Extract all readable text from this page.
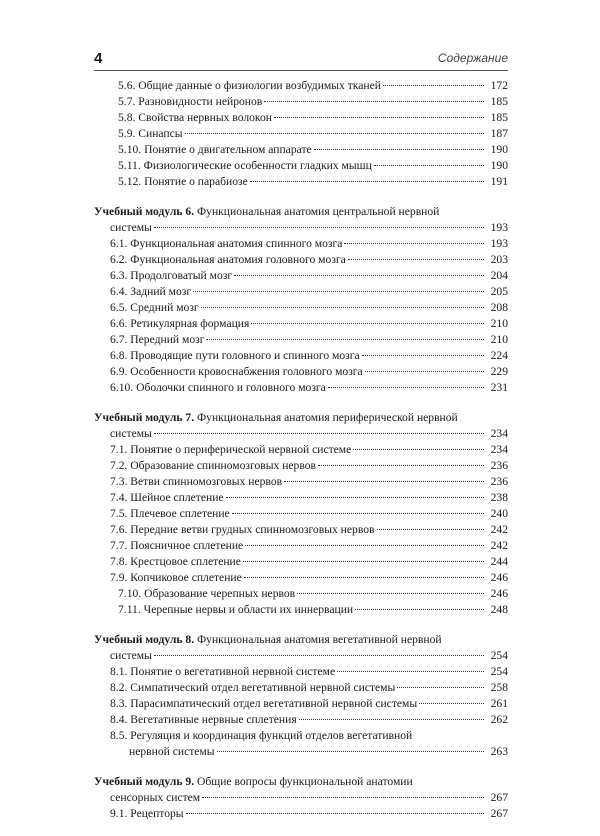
4	Содержание
5.6. Общие данные о физиологии возбудимых тканей	172
5.7. Разновидности нейронов	185
5.8. Свойства нервных волокон	185
5.9. Синапсы	187
5.10. Понятие о двигательном аппарате	190
5.11. Физиологические особенности гладких мышц	190
5.12. Понятие о парабиозе	191
Учебный модуль 6. Функциональная анатомия центральной нервной
системы	193
6.1. Функциональная анатомия спинного мозга	193
6.2. Функциональная анатомия головного мозга	203
6.3. Продолговатый мозг	204
6.4. Задний мозг	205
6.5. Средний мозг	208
6.6. Ретикулярная формация	210
6.7. Передний мозг	210
6.8. Проводящие пути головного и спинного мозга	224
6.9. Особенности кровоснабжения головного мозга	229
6.10. Оболочки спинного и головного мозга	231
Учебный модуль 7. Функциональная анатомия периферической нервной
системы	234
7.1. Понятие о периферической нервной системе	234
7.2. Образование спинномозговых нервов	236
7.3. Ветви спинномозговых нервов	236
7.4. Шейное сплетение	238
7.5. Плечевое сплетение	240
7.6. Передние ветви грудных спинномозговых нервов	242
7.7. Поясничное сплетение	242
7.8. Крестцовое сплетение	244
7.9. Копчиковое сплетение	246
7.10. Образование черепных нервов	246
7.11. Черепные нервы и области их иннервации	248
Учебный модуль 8. Функциональная анатомия вегетативной нервной
системы	254
8.1. Понятие о вегетативной нервной системе	254
8.2. Симпатический отдел вегетативной нервной системы	258
8.3. Парасимпатический отдел вегетативной нервной системы	261
8.4. Вегетативные нервные сплетения	262
8.5. Регуляция и координация функций отделов вегетативной
нервной системы	263
Учебный модуль 9. Общие вопросы функциональной анатомии
сенсорных систем	267
9.1. Рецепторы	267
